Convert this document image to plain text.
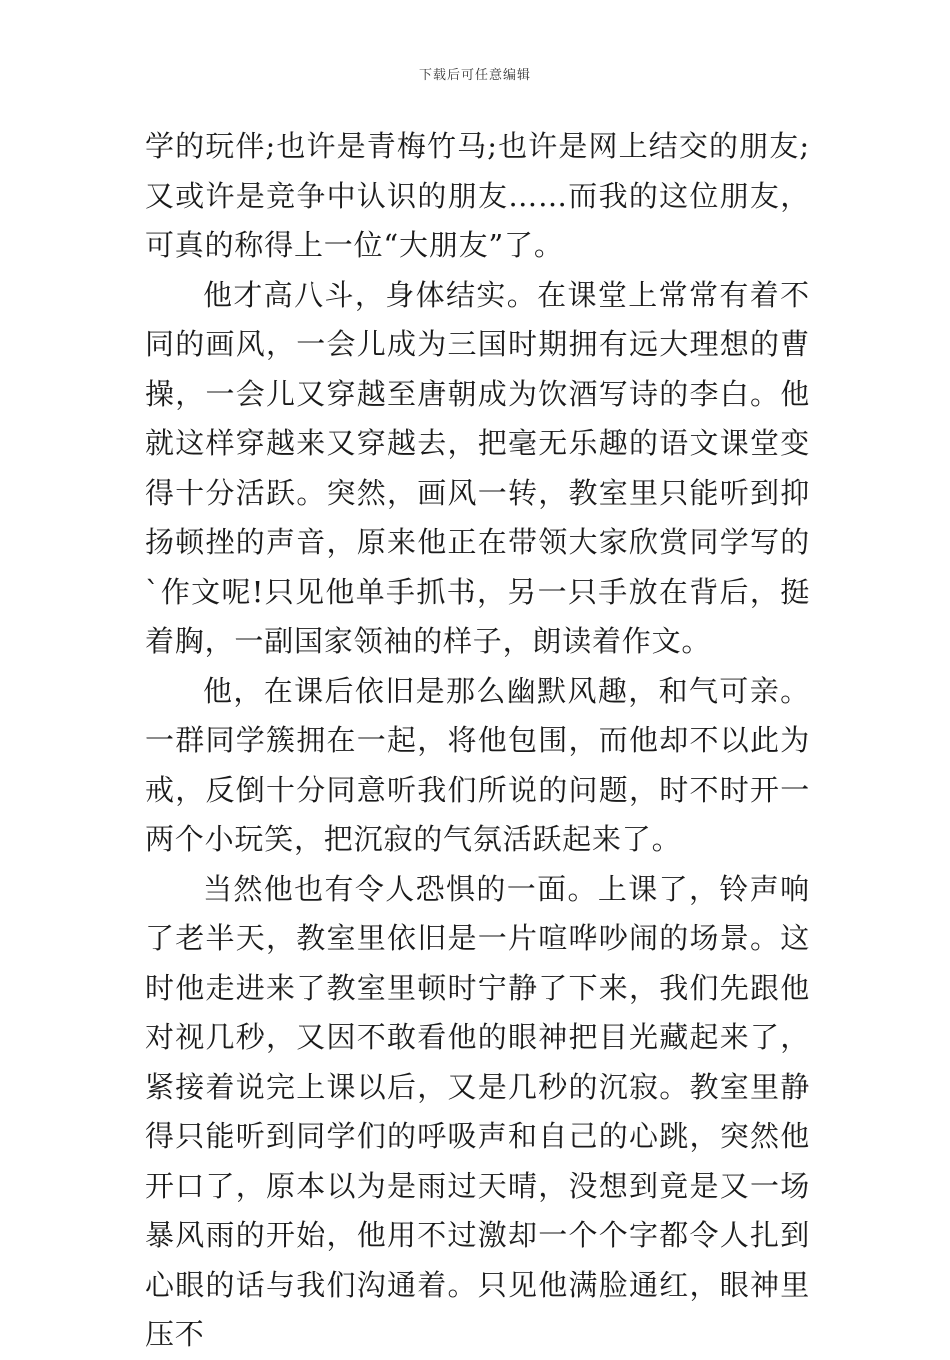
下载后可任意编辑

学的玩伴;也许是青梅竹马;也许是网上结交的朋友;又或许是竞争中认识的朋友……而我的这位朋友，可真的称得上一位“大朋友”了。

他才高八斗，身体结实。在课堂上常常有着不同的画风，一会儿成为三国时期拥有远大理想的曹操，一会儿又穿越至唐朝成为饮酒写诗的李白。他就这样穿越来又穿越去，把毫无乐趣的语文课堂变得十分活跃。突然，画风一转，教室里只能听到抑扬顿挫的声音，原来他正在带领大家欣赏同学写的`作文呢!只见他单手抓书，另一只手放在背后，挺着胸，一副国家领袖的样子，朗读着作文。

他，在课后依旧是那么幽默风趣，和气可亲。一群同学簇拥在一起，将他包围，而他却不以此为戒，反倒十分同意听我们所说的问题，时不时开一两个小玩笑，把沉寂的气氛活跃起来了。

当然他也有令人恐惧的一面。上课了，铃声响了老半天，教室里依旧是一片喧哗吵闹的场景。这时他走进来了教室里顿时宁静了下来，我们先跟他对视几秒，又因不敢看他的眼神把目光藏起来了，紧接着说完上课以后，又是几秒的沉寂。教室里静得只能听到同学们的呼吸声和自己的心跳，突然他开口了，原本以为是雨过天晴，没想到竟是又一场暴风雨的开始，他用不过激却一个个字都令人扎到心眼的话与我们沟通着。只见他满脸通红，眼神里压不
